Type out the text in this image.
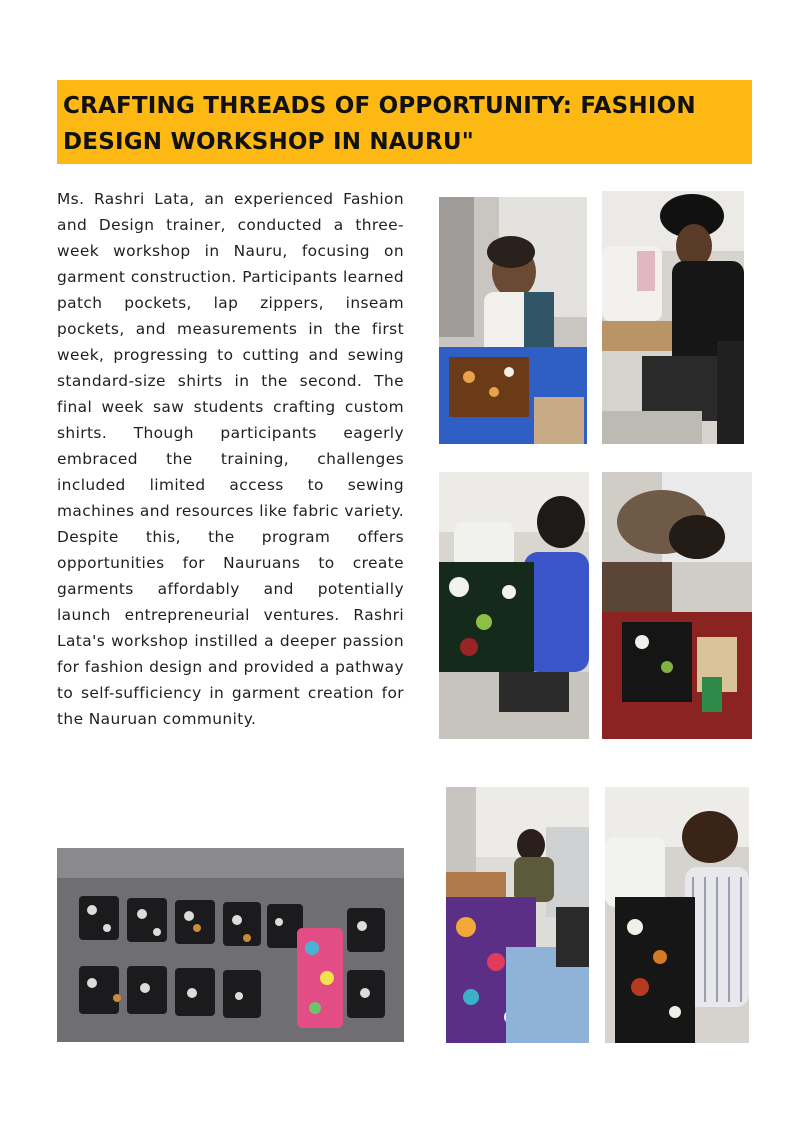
CRAFTING THREADS OF OPPORTUNITY: FASHION DESIGN WORKSHOP IN NAURU"

Ms. Rashri Lata, an experienced Fashion and Design trainer, conducted a three-week workshop in Nauru, focusing on garment construction. Participants learned patch pockets, lap zippers, inseam pockets, and measurements in the first week, progressing to cutting and sewing standard-size shirts in the second. The final week saw students crafting custom shirts. Though participants eagerly embraced the training, challenges included limited access to sewing machines and resources like fabric variety. Despite this, the program offers opportunities for Nauruans to create garments affordably and potentially launch entrepreneurial ventures. Rashri Lata's workshop instilled a deeper passion for fashion design and provided a pathway to self-sufficiency in garment creation for the Nauruan community.
